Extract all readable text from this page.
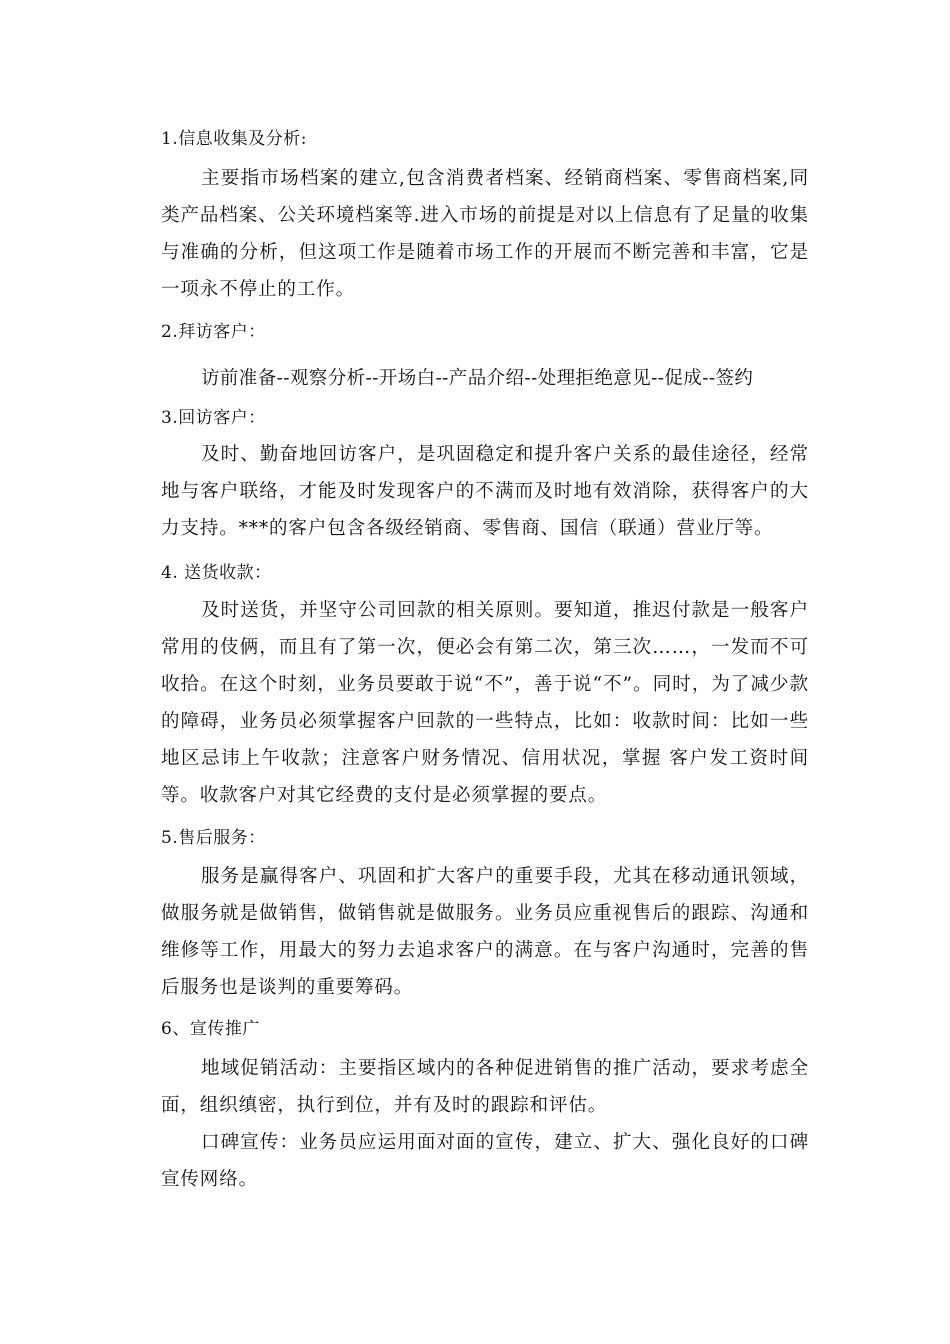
1.信息收集及分析:

主要指市场档案的建立,包含消费者档案、经销商档案、零售商档案,同类产品档案、公关环境档案等.进入市场的前提是对以上信息有了足量的收集与准确的分析，但这项工作是随着市场工作的开展而不断完善和丰富，它是一项永不停止的工作。

2.拜访客户：
访前准备--观察分析--开场白--产品介绍--处理拒绝意见--促成--签约
3.回访客户：

及时、勤奋地回访客户，是巩固稳定和提升客户关系的最佳途径，经常地与客户联络，才能及时发现客户的不满而及时地有效消除，获得客户的大力支持。***的客户包含各级经销商、零售商、国信（联通）营业厅等。

4. 送货收款：

及时送货，并坚守公司回款的相关原则。要知道，推迟付款是一般客户常用的伎俩，而且有了第一次，便必会有第二次，第三次……，一发而不可收拾。在这个时刻，业务员要敢于说“不”，善于说“不”。同时，为了减少款的障碍，业务员必须掌握客户回款的一些特点，比如：收款时间：比如一些地区忌讳上午收款；注意客户财务情况、信用状况，掌握 客户发工资时间等。收款客户对其它经费的支付是必须掌握的要点。

5.售后服务：

服务是赢得客户、巩固和扩大客户的重要手段，尤其在移动通讯领域，做服务就是做销售，做销售就是做服务。业务员应重视售后的跟踪、沟通和维修等工作，用最大的努力去追求客户的满意。在与客户沟通时，完善的售后服务也是谈判的重要筹码。

6、宣传推广

地域促销活动：主要指区域内的各种促进销售的推广活动，要求考虑全面，组织缜密，执行到位，并有及时的跟踪和评估。

口碑宣传：业务员应运用面对面的宣传，建立、扩大、强化良好的口碑宣传网络。
